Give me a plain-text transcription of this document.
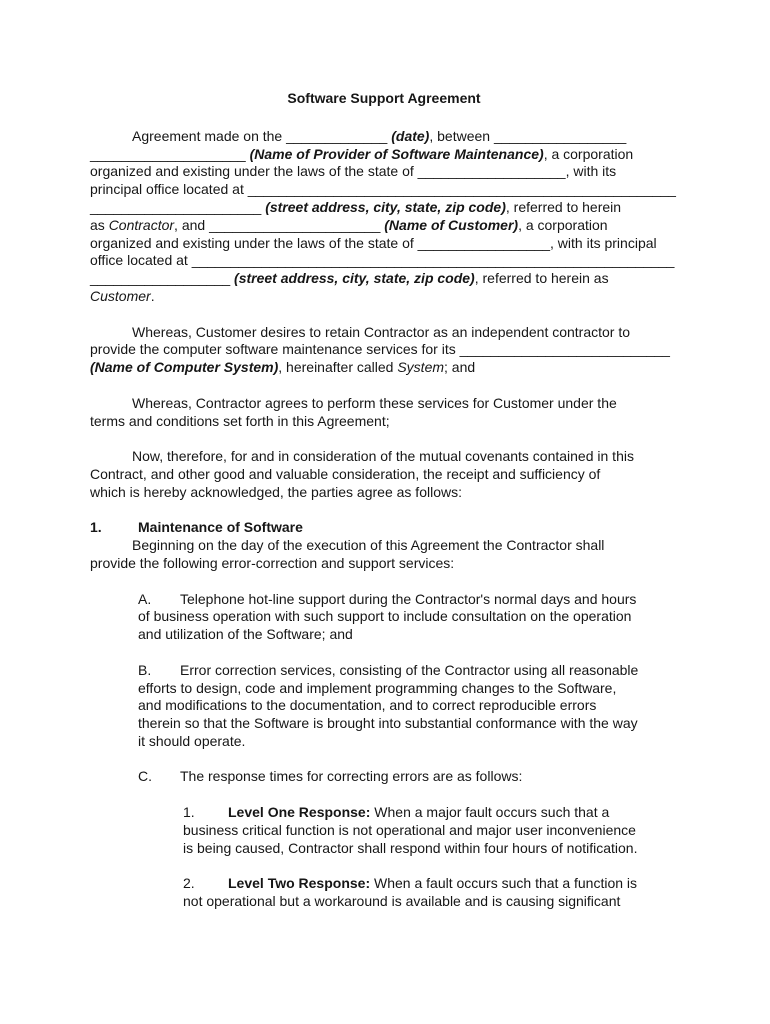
Software Support Agreement
Agreement made on the _____________ (date), between _________________
____________________ (Name of Provider of Software Maintenance), a corporation
organized and existing under the laws of the state of ___________________, with its
principal office located at _______________________________________________________
______________________ (street address, city, state, zip code), referred to herein
as Contractor, and ______________________ (Name of Customer), a corporation
organized and existing under the laws of the state of _________________, with its principal
office located at ______________________________________________________________
__________________ (street address, city, state, zip code), referred to herein as
Customer.
Whereas, Customer desires to retain Contractor as an independent contractor to
provide the computer software maintenance services for its ___________________________
(Name of Computer System), hereinafter called System; and
Whereas, Contractor agrees to perform these services for Customer under the
terms and conditions set forth in this Agreement;
Now, therefore, for and in consideration of the mutual covenants contained in this
Contract, and other good and valuable consideration, the receipt and sufficiency of
which is hereby acknowledged, the parties agree as follows:
1.	Maintenance of Software
Beginning on the day of the execution of this Agreement the Contractor shall
provide the following error-correction and support services:
A. Telephone hot-line support during the Contractor's normal days and hours
of business operation with such support to include consultation on the operation
and utilization of the Software; and
B. Error correction services, consisting of the Contractor using all reasonable
efforts to design, code and implement programming changes to the Software,
and modifications to the documentation, and to correct reproducible errors
therein so that the Software is brought into substantial conformance with the way
it should operate.
C. The response times for correcting errors are as follows:
1. Level One Response: When a major fault occurs such that a
business critical function is not operational and major user inconvenience
is being caused, Contractor shall respond within four hours of notification.
2. Level Two Response: When a fault occurs such that a function is
not operational but a workaround is available and is causing significant
